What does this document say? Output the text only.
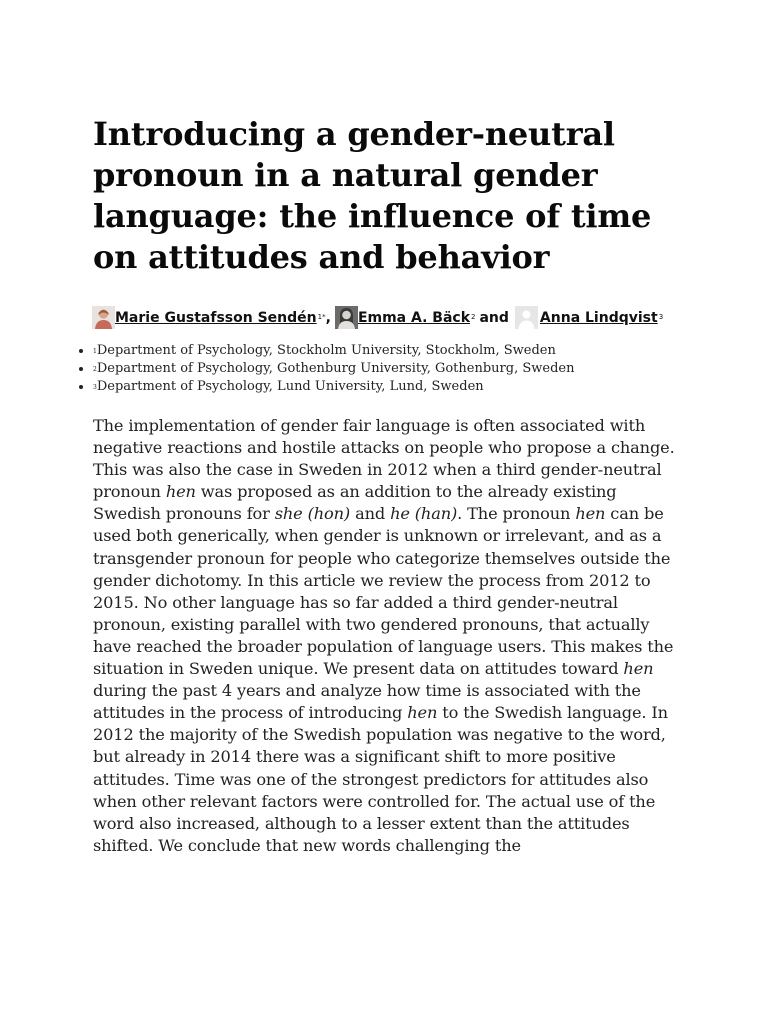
Introducing a gender-neutral pronoun in a natural gender language: the influence of time on attitudes and behavior
Marie Gustafsson Sendén 1* , Emma A. Bäck 2 and Anna Lindqvist 3
• 1Department of Psychology, Stockholm University, Stockholm, Sweden
• 2Department of Psychology, Gothenburg University, Gothenburg, Sweden
• 3Department of Psychology, Lund University, Lund, Sweden

The implementation of gender fair language is often associated with negative reactions and hostile attacks on people who propose a change. This was also the case in Sweden in 2012 when a third gender-neutral pronoun hen was proposed as an addition to the already existing Swedish pronouns for she (hon) and he (han). The pronoun hen can be used both generically, when gender is unknown or irrelevant, and as a transgender pronoun for people who categorize themselves outside the gender dichotomy. In this article we review the process from 2012 to 2015. No other language has so far added a third gender-neutral pronoun, existing parallel with two gendered pronouns, that actually have reached the broader population of language users. This makes the situation in Sweden unique. We present data on attitudes toward hen during the past 4 years and analyze how time is associated with the attitudes in the process of introducing hen to the Swedish language. In 2012 the majority of the Swedish population was negative to the word, but already in 2014 there was a significant shift to more positive attitudes. Time was one of the strongest predictors for attitudes also when other relevant factors were controlled for. The actual use of the word also increased, although to a lesser extent than the attitudes shifted. We conclude that new words challenging the
